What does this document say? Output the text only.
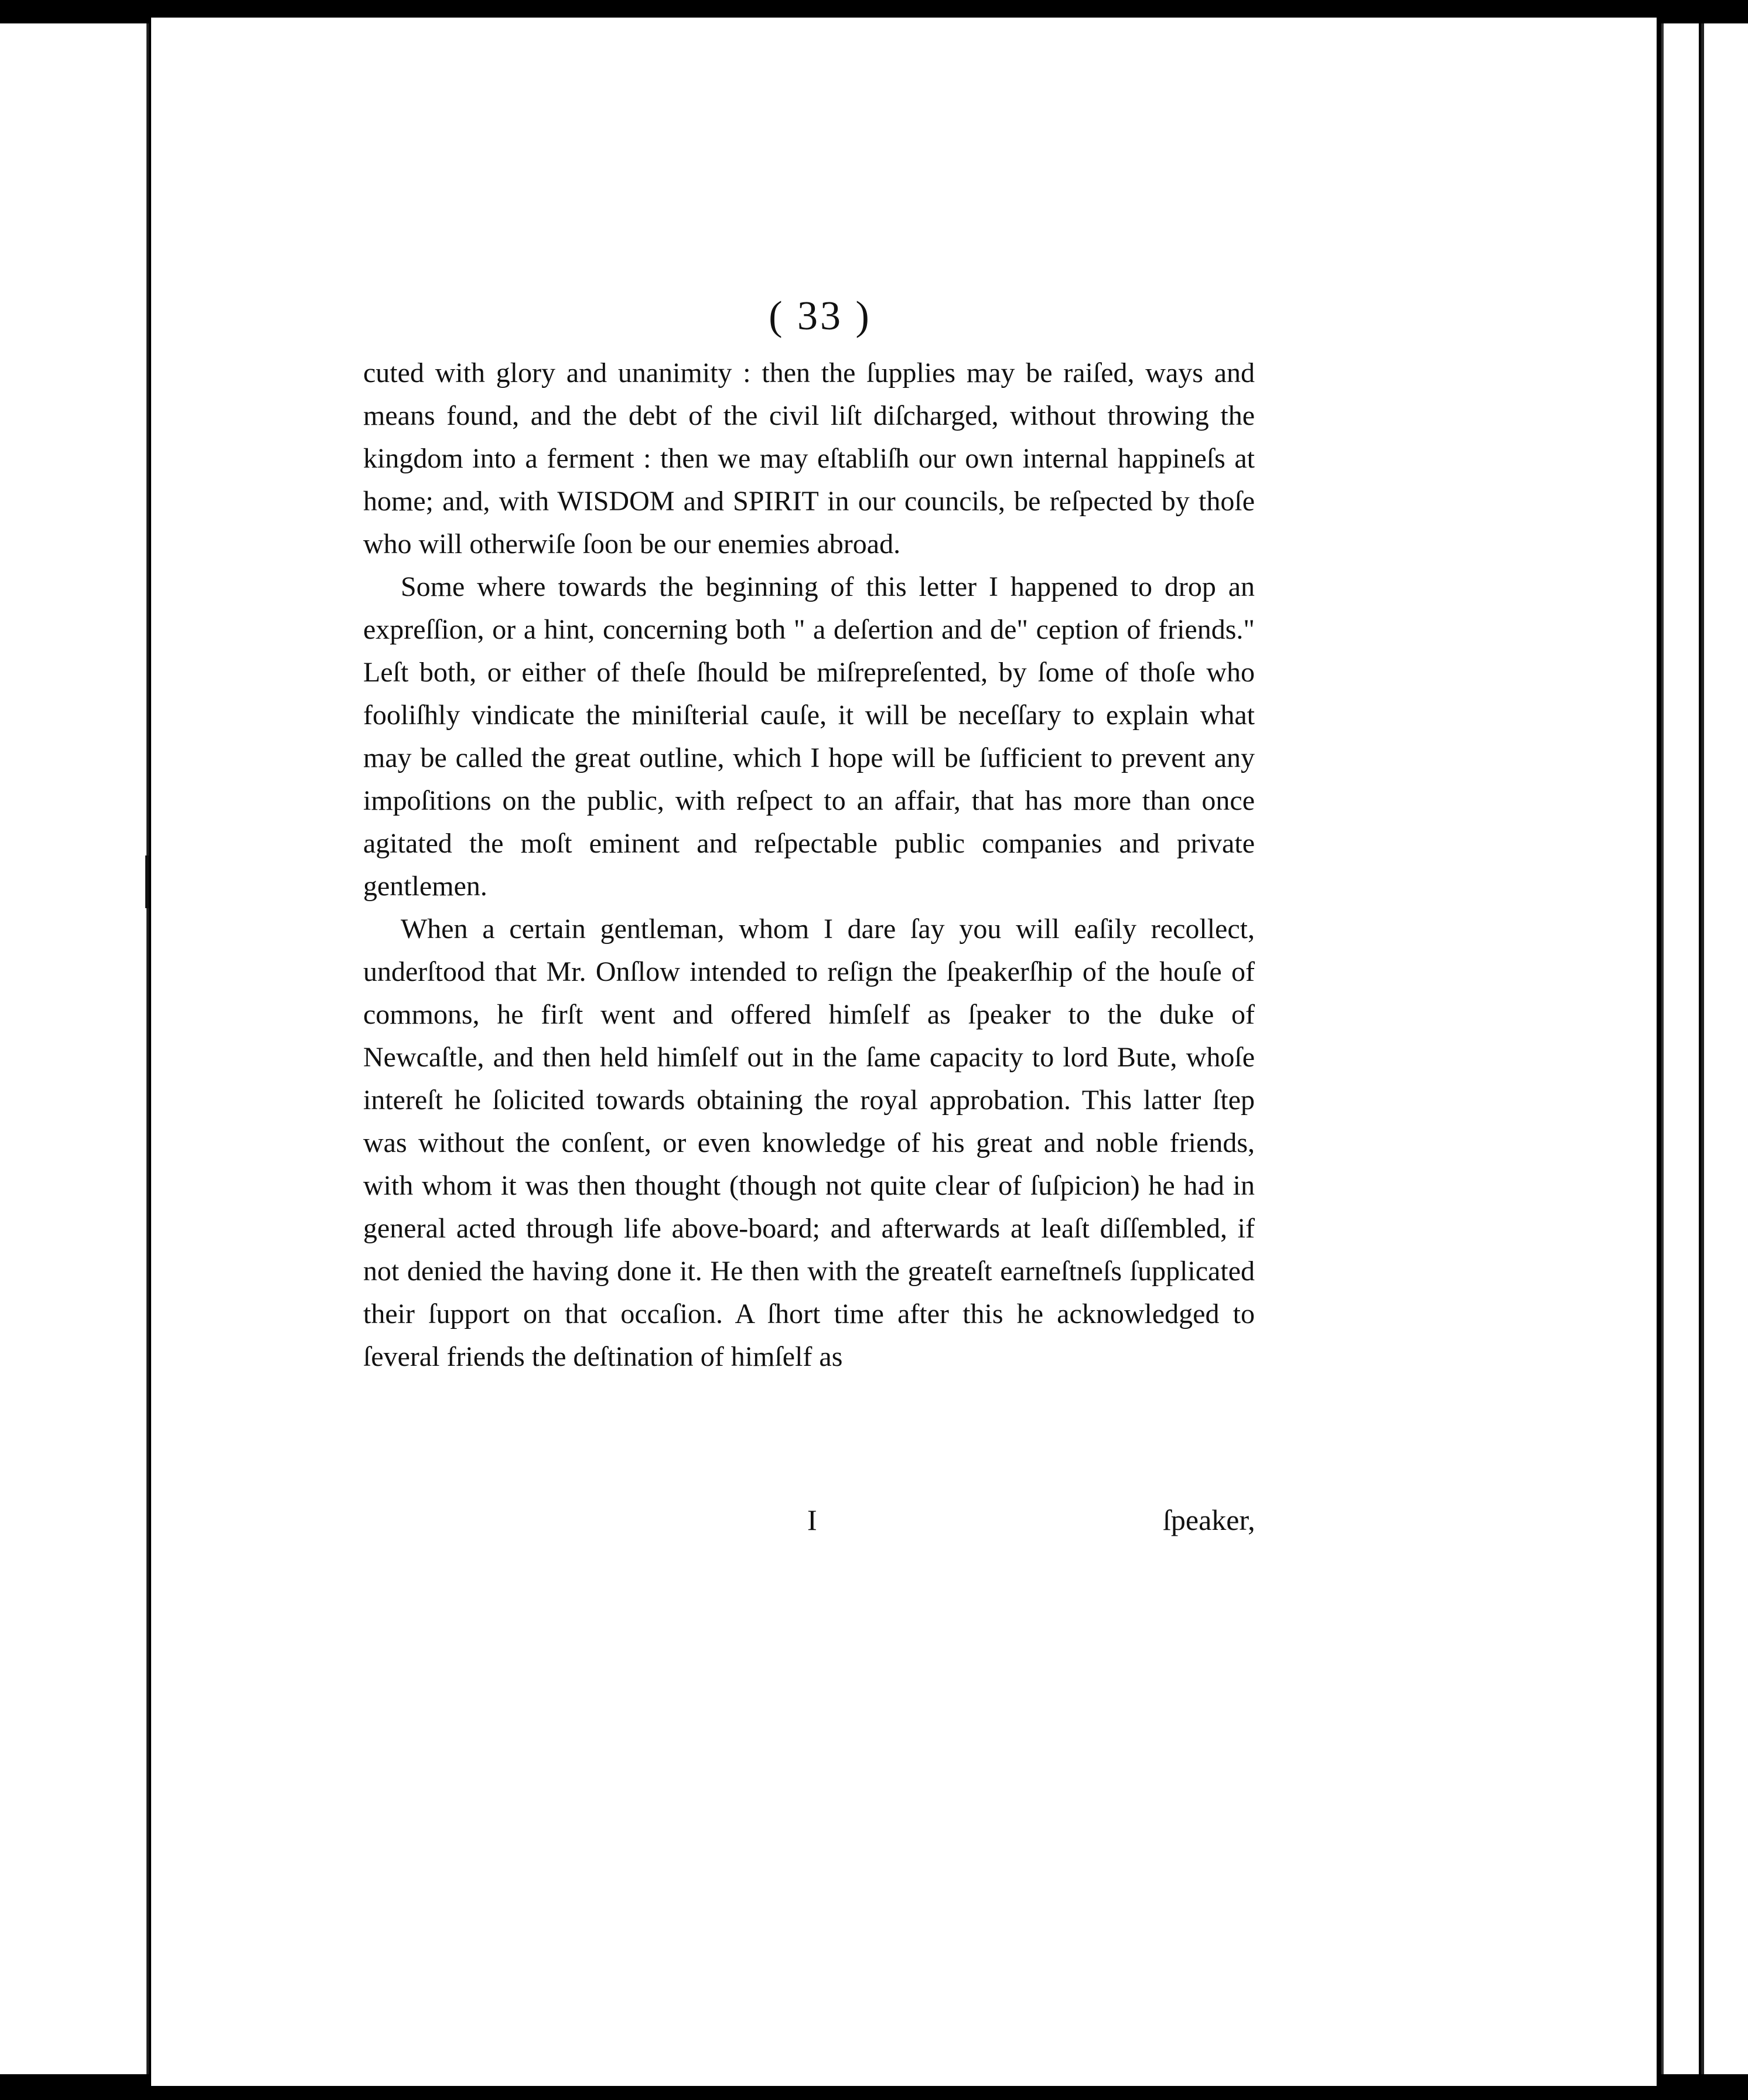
( 33 )

cuted with glory and unanimity : then the ſupplies may be raiſed, ways and means found, and the debt of the civil liſt diſcharged, without throwing the kingdom into a ferment : then we may eſtabliſh our own internal happineſs at home; and, with WISDOM and SPIRIT in our councils, be reſpected by thoſe who will otherwiſe ſoon be our enemies abroad.

Some where towards the beginning of this letter I happened to drop an expreſſion, or a hint, concerning both " a deſertion and de" ception of friends." Leſt both, or either of theſe ſhould be miſrepreſented, by ſome of thoſe who fooliſhly vindicate the miniſterial cauſe, it will be neceſſary to explain what may be called the great outline, which I hope will be ſufficient to prevent any impoſitions on the public, with reſpect to an affair, that has more than once agitated the moſt eminent and reſpectable public companies and private gentlemen.

When a certain gentleman, whom I dare ſay you will eaſily recollect, underſtood that Mr. Onſlow intended to reſign the ſpeakerſhip of the houſe of commons, he firſt went and offered himſelf as ſpeaker to the duke of Newcaſtle, and then held himſelf out in the ſame capacity to lord Bute, whoſe intereſt he ſolicited towards obtaining the royal approbation. This latter ſtep was without the conſent, or even knowledge of his great and noble friends, with whom it was then thought (though not quite clear of ſuſpicion) he had in general acted through life above-board; and afterwards at leaſt diſſembled, if not denied the having done it. He then with the greateſt earneſtneſs ſupplicated their ſupport on that occaſion. A ſhort time after this he acknowledged to ſeveral friends the deſtination of himſelf as

I	ſpeaker,
